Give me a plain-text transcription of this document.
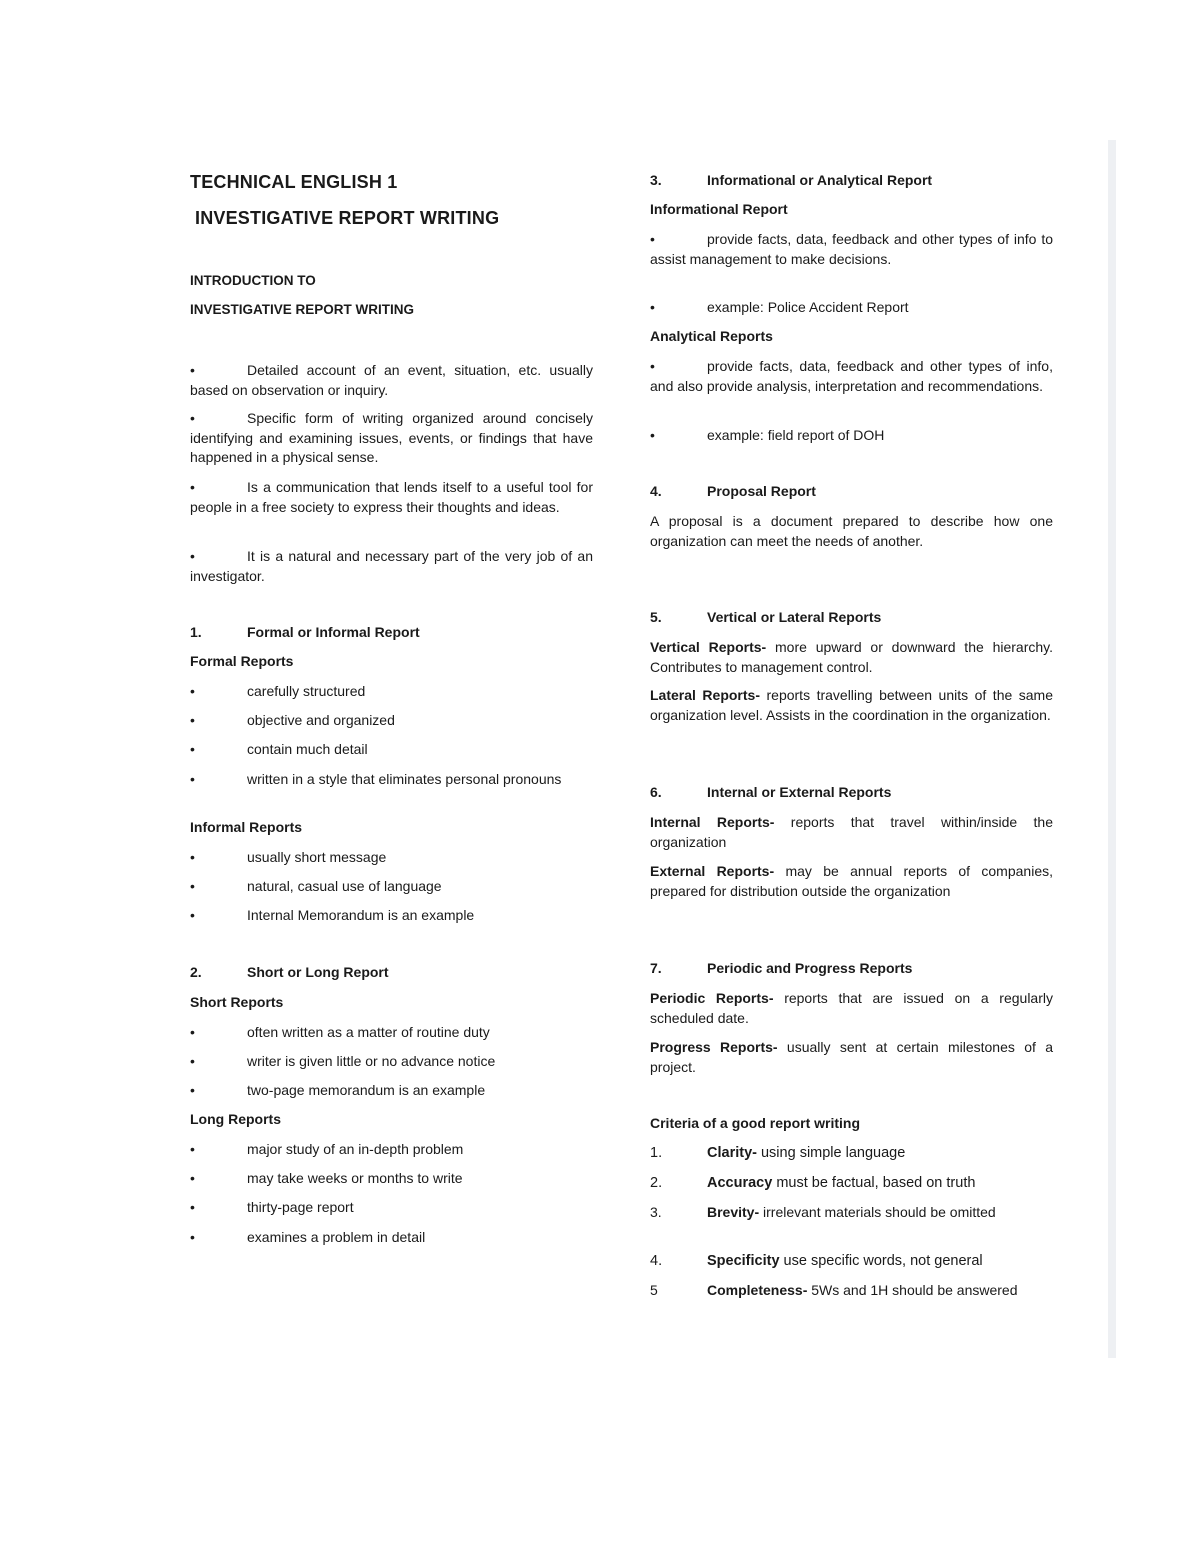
TECHNICAL ENGLISH 1
INVESTIGATIVE REPORT WRITING
INTRODUCTION TO
INVESTIGATIVE REPORT WRITING

•	Detailed account of an event, situation, etc. usually based on observation or inquiry.

•	Specific form of writing organized around concisely identifying and examining issues, events, or findings that have happened in a physical sense.

•	Is a communication that lends itself to a useful tool for people in a free society to express their thoughts and ideas.

•	It is a natural and necessary part of the very job of an investigator.

1.	Formal or Informal Report
Formal Reports
•	carefully structured
•	objective and organized
•	contain much detail

•	written in a style that eliminates personal pronouns

Informal Reports
•	usually short message
•	natural, casual use of language
•	Internal Memorandum is an example
2.	Short or Long Report
Short Reports
•	often written as a matter of routine duty
•	writer is given little or no advance notice
•	two-page memorandum is an example
Long Reports
•	major study of an in-depth problem
•	may take weeks or months to write
•	thirty-page report
•	examines a problem in detail
3.	Informational or Analytical Report
Informational Report

•	provide facts, data, feedback and other types of info to assist management to make decisions.

•	example: Police Accident Report
Analytical Reports

•	provide facts, data, feedback and other types of info, and also provide analysis, interpretation and recommendations.

•	example: field report of DOH
4.	Proposal Report

A proposal is a document prepared to describe how one organization can meet the needs of another.

5.	Vertical or Lateral Reports

Vertical Reports- more upward or downward the hierarchy. Contributes to management control.

Lateral Reports- reports travelling between units of the same organization level. Assists in the coordination in the organization.

6.	Internal or External Reports

Internal Reports- reports that travel within/inside the organization

External Reports- may be annual reports of companies, prepared for distribution outside the organization

7.	Periodic and Progress Reports

Periodic Reports- reports that are issued on a regularly scheduled date.

Progress Reports- usually sent at certain milestones of a project.

Criteria of a good report writing
1.	Clarity- using simple language
2.	Accuracy must be factual, based on truth

3.	Brevity- irrelevant materials should be omitted

4.	Specificity use specific words, not general

5	Completeness- 5Ws and 1H should be answered
